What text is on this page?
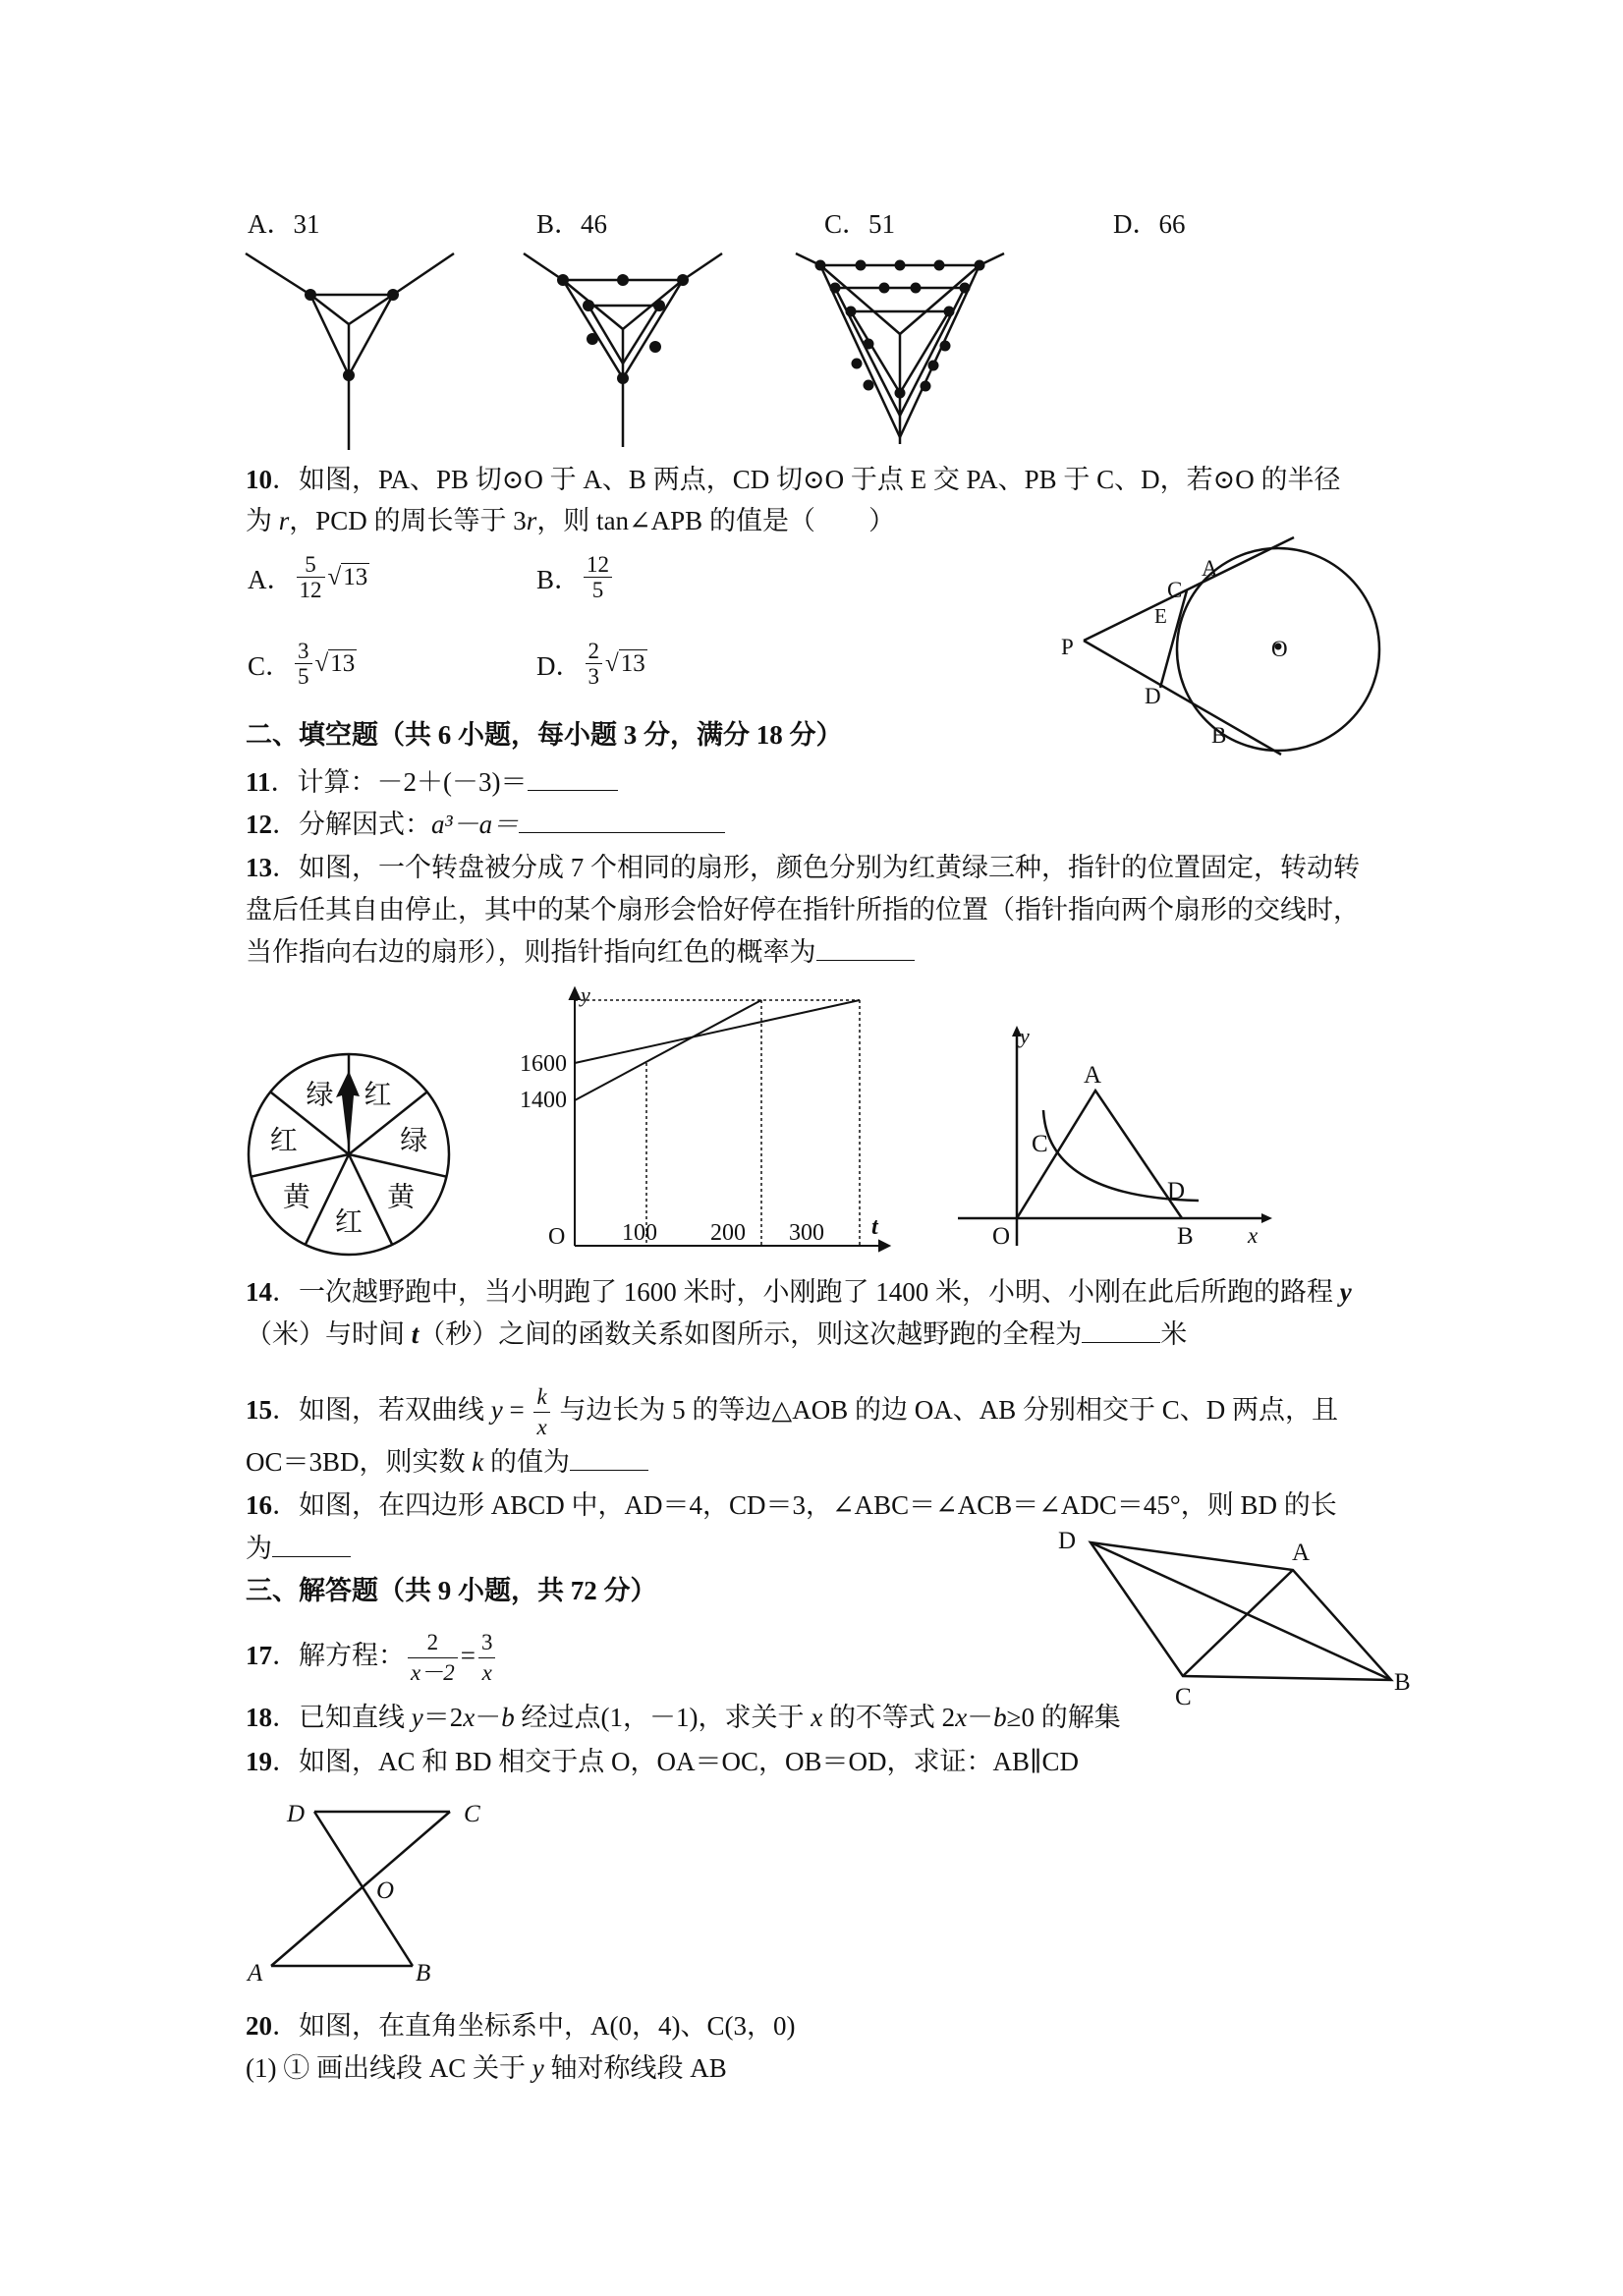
A．31	B．46	C．51	D．66
10．如图，PA、PB 切⊙O 于 A、B 两点，CD 切⊙O 于点 E 交 PA、PB 于 C、D，若⊙O 的半径
为 r，PCD 的周长等于 3r，则 tan∠APB 的值是（　　）
A． $\frac{5}{12} √13$	B． $\frac{12}{5}$
C． $\frac{3}{5} √13$	D． $\frac{2}{3} √13$
A
C
E
P	O
D
B
二、填空题（共 6 小题，每小题 3 分，满分 18 分）
11．计算：－2＋(－3)＝
12．分解因式：a³－a＝
13．如图，一个转盘被分成 7 个相同的扇形，颜色分别为红黄绿三种，指针的位置固定，转动转
盘后任其自由停止，其中的某个扇形会恰好停在指针所指的位置（指针指向两个扇形的交线时，
当作指向右边的扇形），则指针指向红色的概率为
绿
红	绿
黄
红
黄
红
y
t
O
1600
1400
100 200 300
y
x
A
C
D
O	B
14．一次越野跑中，当小明跑了 1600 米时，小刚跑了 1400 米，小明、小刚在此后所跑的路程 y
（米）与时间 t（秒）之间的函数关系如图所示，则这次越野跑的全程为	米
15．如图，若双曲线 $y = \frac{k}{x}$ 与边长为 5 的等边△AOB 的边 OA、AB 分别相交于 C、D 两点，且
OC＝3BD，则实数 k 的值为
16．如图，在四边形 ABCD 中，AD＝4，CD＝3，∠ABC＝∠ACB＝∠ADC＝45°，则 BD 的长
为	D	A
C
B
三、解答题（共 9 小题，共 72 分）
17．解方程： $\frac{2}{x-2} = \frac{3}{x}$
18．已知直线 y＝2x－b 经过点(1，－1)，求关于 x 的不等式 2x－b≥0 的解集
19．如图，AC 和 BD 相交于点 O，OA＝OC，OB＝OD，求证：AB∥CD
D	C
O
A	B
20．如图，在直角坐标系中，A(0，4)、C(3，0)
(1) ① 画出线段 AC 关于 y 轴对称线段 AB
